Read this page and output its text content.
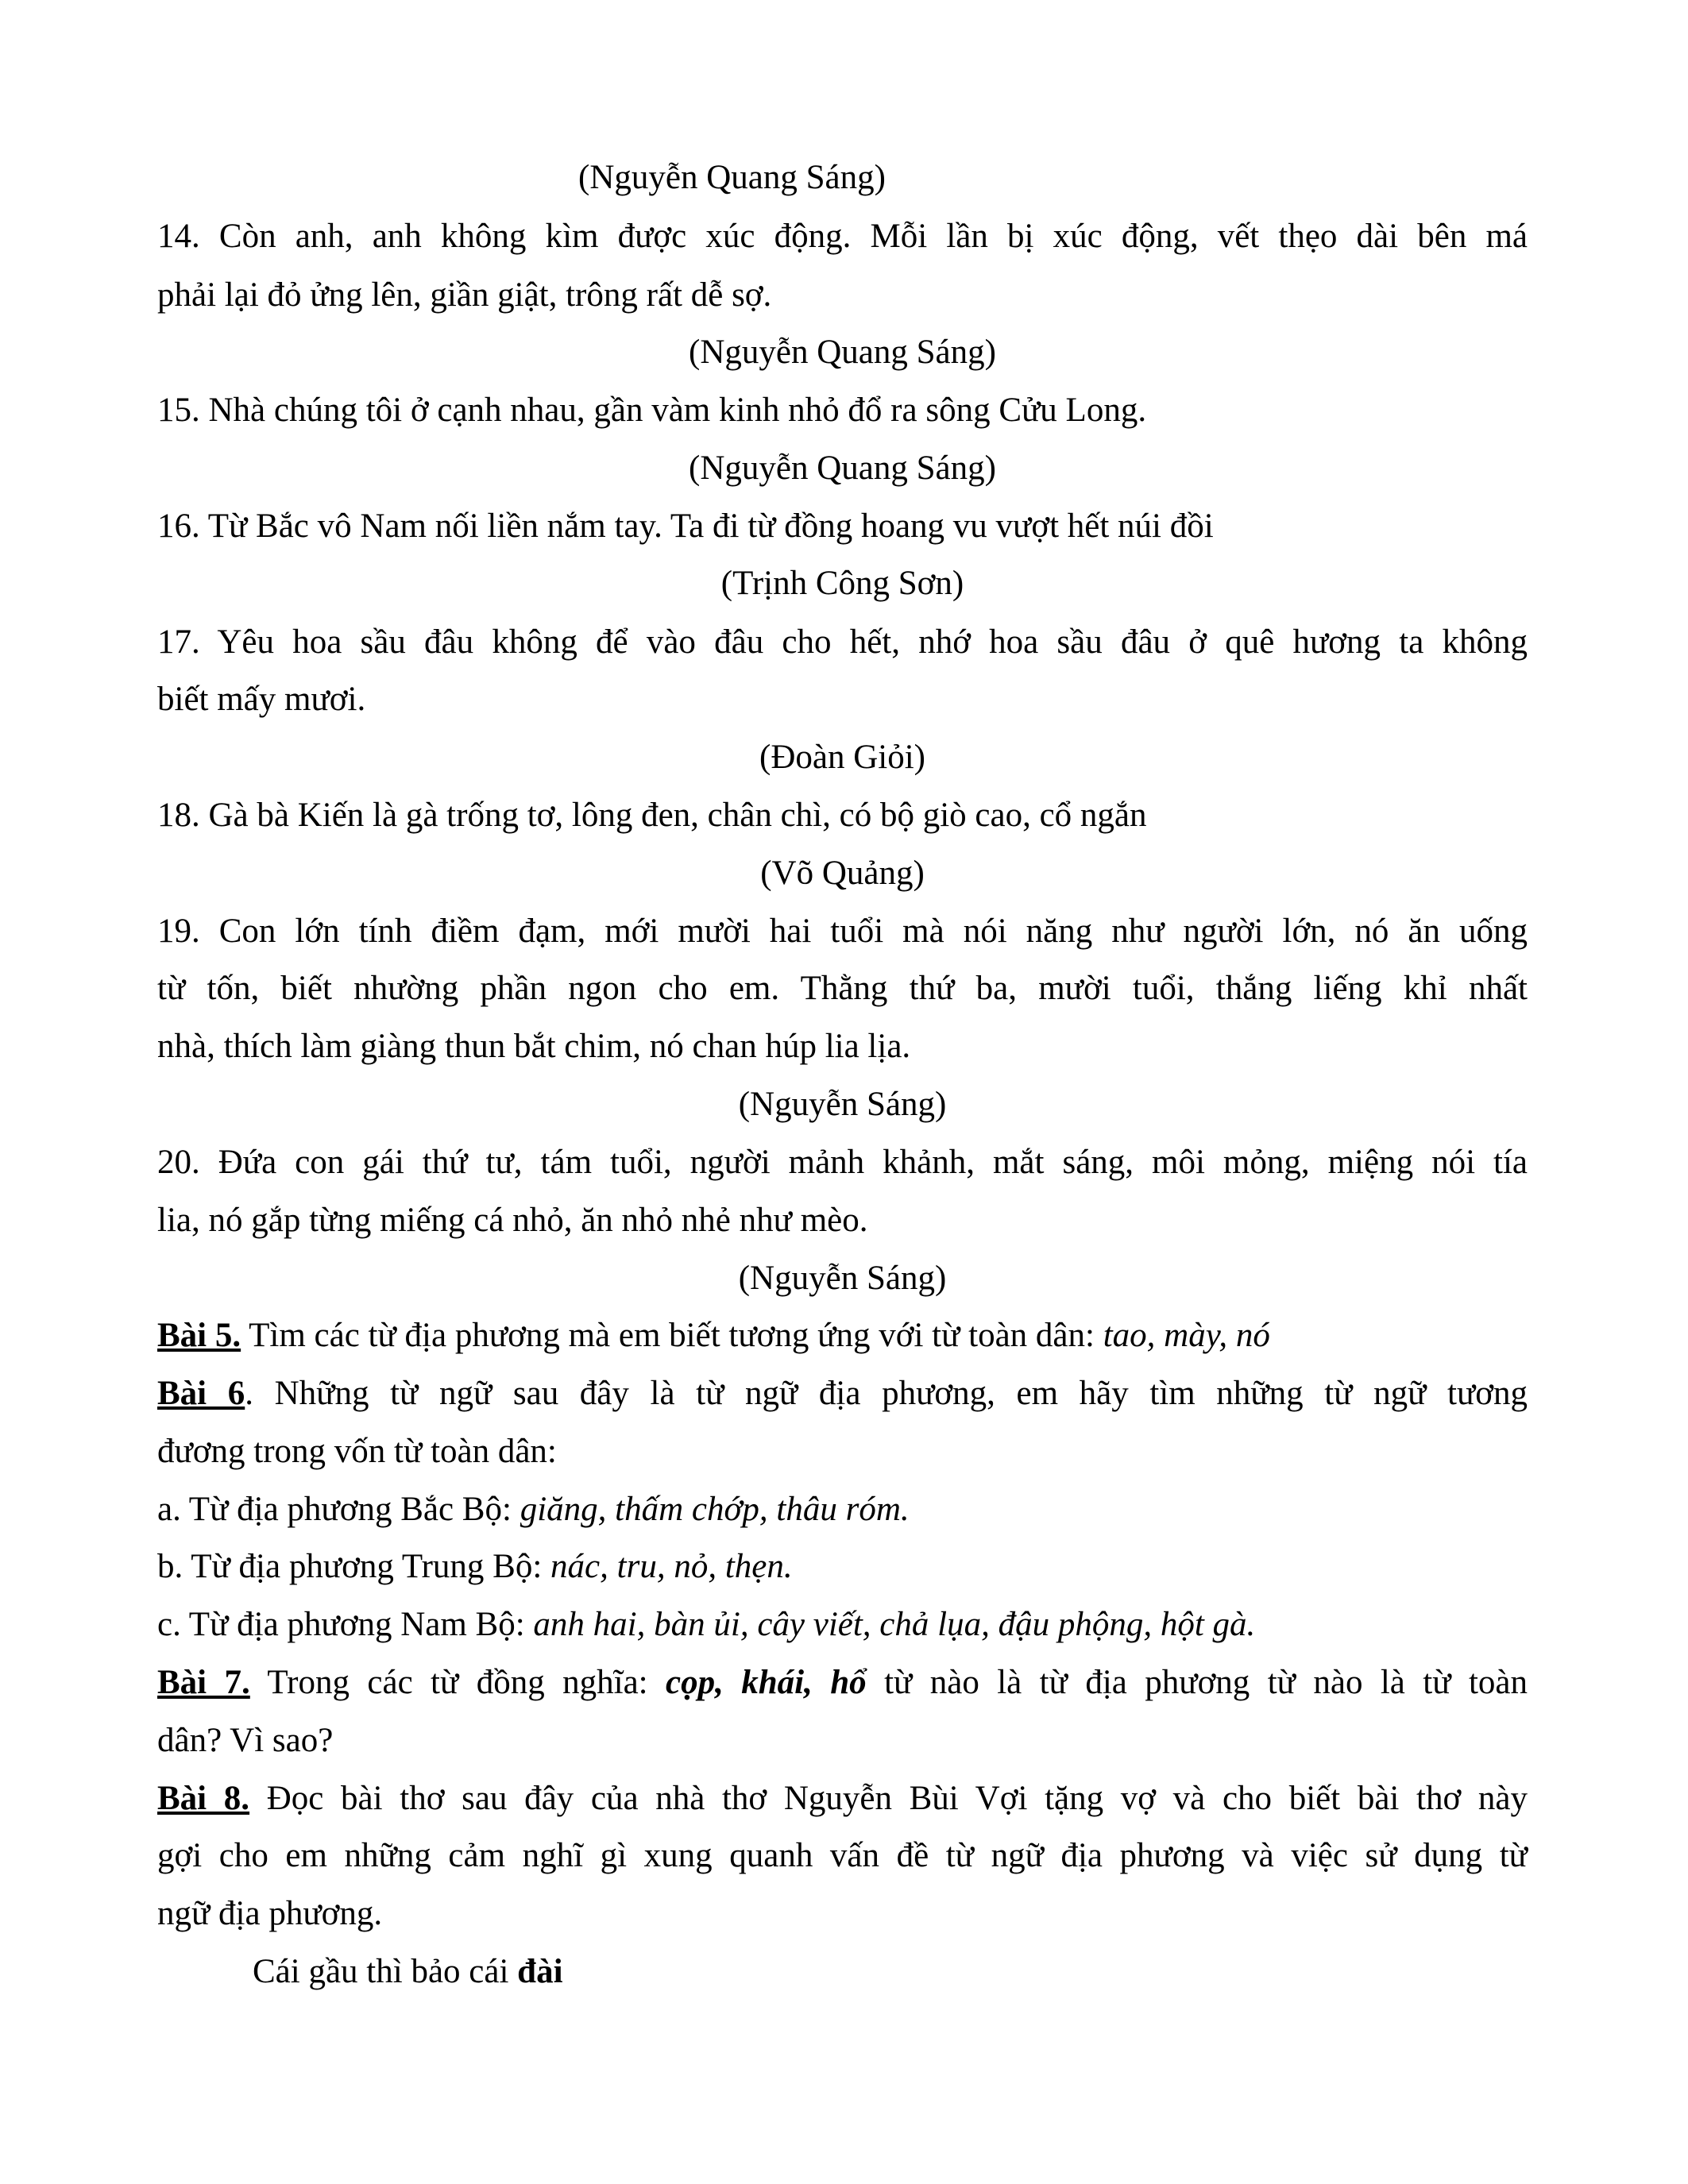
(Nguyễn Quang Sáng)
14. Còn anh, anh không kìm được xúc động. Mỗi lần bị xúc động, vết thẹo dài bên má
phải lại đỏ ửng lên, giần giật, trông rất dễ sợ.
(Nguyễn Quang Sáng)
15. Nhà chúng tôi ở cạnh nhau, gần vàm kinh nhỏ đổ ra sông Cửu Long.
(Nguyễn Quang Sáng)
16. Từ Bắc vô Nam nối liền nắm tay. Ta đi từ đồng hoang vu vượt hết núi đồi
(Trịnh Công Sơn)
17. Yêu hoa sầu đâu không để vào đâu cho hết, nhớ hoa sầu đâu ở quê hương ta không
biết mấy mươi.
(Đoàn Giỏi)
18. Gà bà Kiến là gà trống tơ, lông đen, chân chì, có bộ giò cao, cổ ngắn
(Võ Quảng)
19. Con lớn tính điềm đạm, mới mười hai tuổi mà nói năng như người lớn, nó ăn uống
từ tốn, biết nhường phần ngon cho em. Thằng thứ ba, mười tuổi, thắng liếng khỉ nhất
nhà, thích làm giàng thun bắt chim, nó chan húp lia lịa.
(Nguyễn Sáng)
20. Đứa con gái thứ tư, tám tuổi, người mảnh khảnh, mắt sáng, môi mỏng, miệng nói tía
lia, nó gắp từng miếng cá nhỏ, ăn nhỏ nhẻ như mèo.
(Nguyễn Sáng)
Bài 5. Tìm các từ địa phương mà em biết tương ứng với từ toàn dân: tao, mày, nó
Bài 6. Những từ ngữ sau đây là từ ngữ địa phương, em hãy tìm những từ ngữ tương
đương trong vốn từ toàn dân:
a. Từ địa phương Bắc Bộ: giăng, thấm chớp, thâu róm.
b. Từ địa phương Trung Bộ: nác, tru, nỏ, thẹn.
c. Từ địa phương Nam Bộ: anh hai, bàn ủi, cây viết, chả lụa, đậu phộng, hột gà.
Bài 7. Trong các từ đồng nghĩa: cọp, khái, hổ từ nào là từ địa phương từ nào là từ toàn
dân? Vì sao?
Bài 8. Đọc bài thơ sau đây của nhà thơ Nguyễn Bùi Vợi tặng vợ và cho biết bài thơ này
gợi cho em những cảm nghĩ gì xung quanh vấn đề từ ngữ địa phương và việc sử dụng từ
ngữ địa phương.
Cái gầu thì bảo cái đài
